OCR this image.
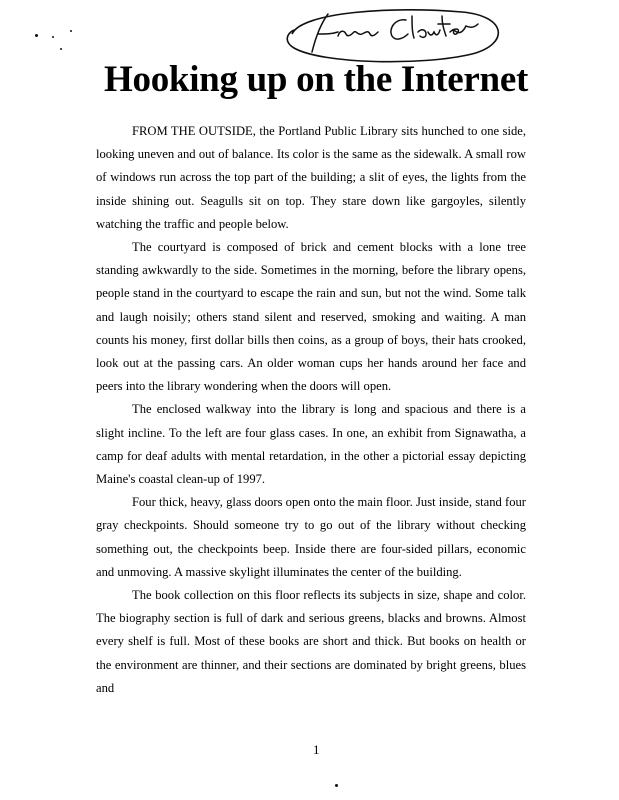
Hooking up on the Internet

FROM THE OUTSIDE, the Portland Public Library sits hunched to one side, looking uneven and out of balance. Its color is the same as the sidewalk. A small row of windows run across the top part of the building; a slit of eyes, the lights from the inside shining out. Seagulls sit on top. They stare down like gargoyles, silently watching the traffic and people below.

The courtyard is composed of brick and cement blocks with a lone tree standing awkwardly to the side. Sometimes in the morning, before the library opens, people stand in the courtyard to escape the rain and sun, but not the wind. Some talk and laugh noisily; others stand silent and reserved, smoking and waiting. A man counts his money, first dollar bills then coins, as a group of boys, their hats crooked, look out at the passing cars. An older woman cups her hands around her face and peers into the library wondering when the doors will open.

The enclosed walkway into the library is long and spacious and there is a slight incline. To the left are four glass cases. In one, an exhibit from Signawatha, a camp for deaf adults with mental retardation, in the other a pictorial essay depicting Maine's coastal clean-up of 1997.

Four thick, heavy, glass doors open onto the main floor. Just inside, stand four gray checkpoints. Should someone try to go out of the library without checking something out, the checkpoints beep. Inside there are four-sided pillars, economic and unmoving. A massive skylight illuminates the center of the building.

The book collection on this floor reflects its subjects in size, shape and color. The biography section is full of dark and serious greens, blacks and browns. Almost every shelf is full. Most of these books are short and thick. But books on health or the environment are thinner, and their sections are dominated by bright greens, blues and

1
